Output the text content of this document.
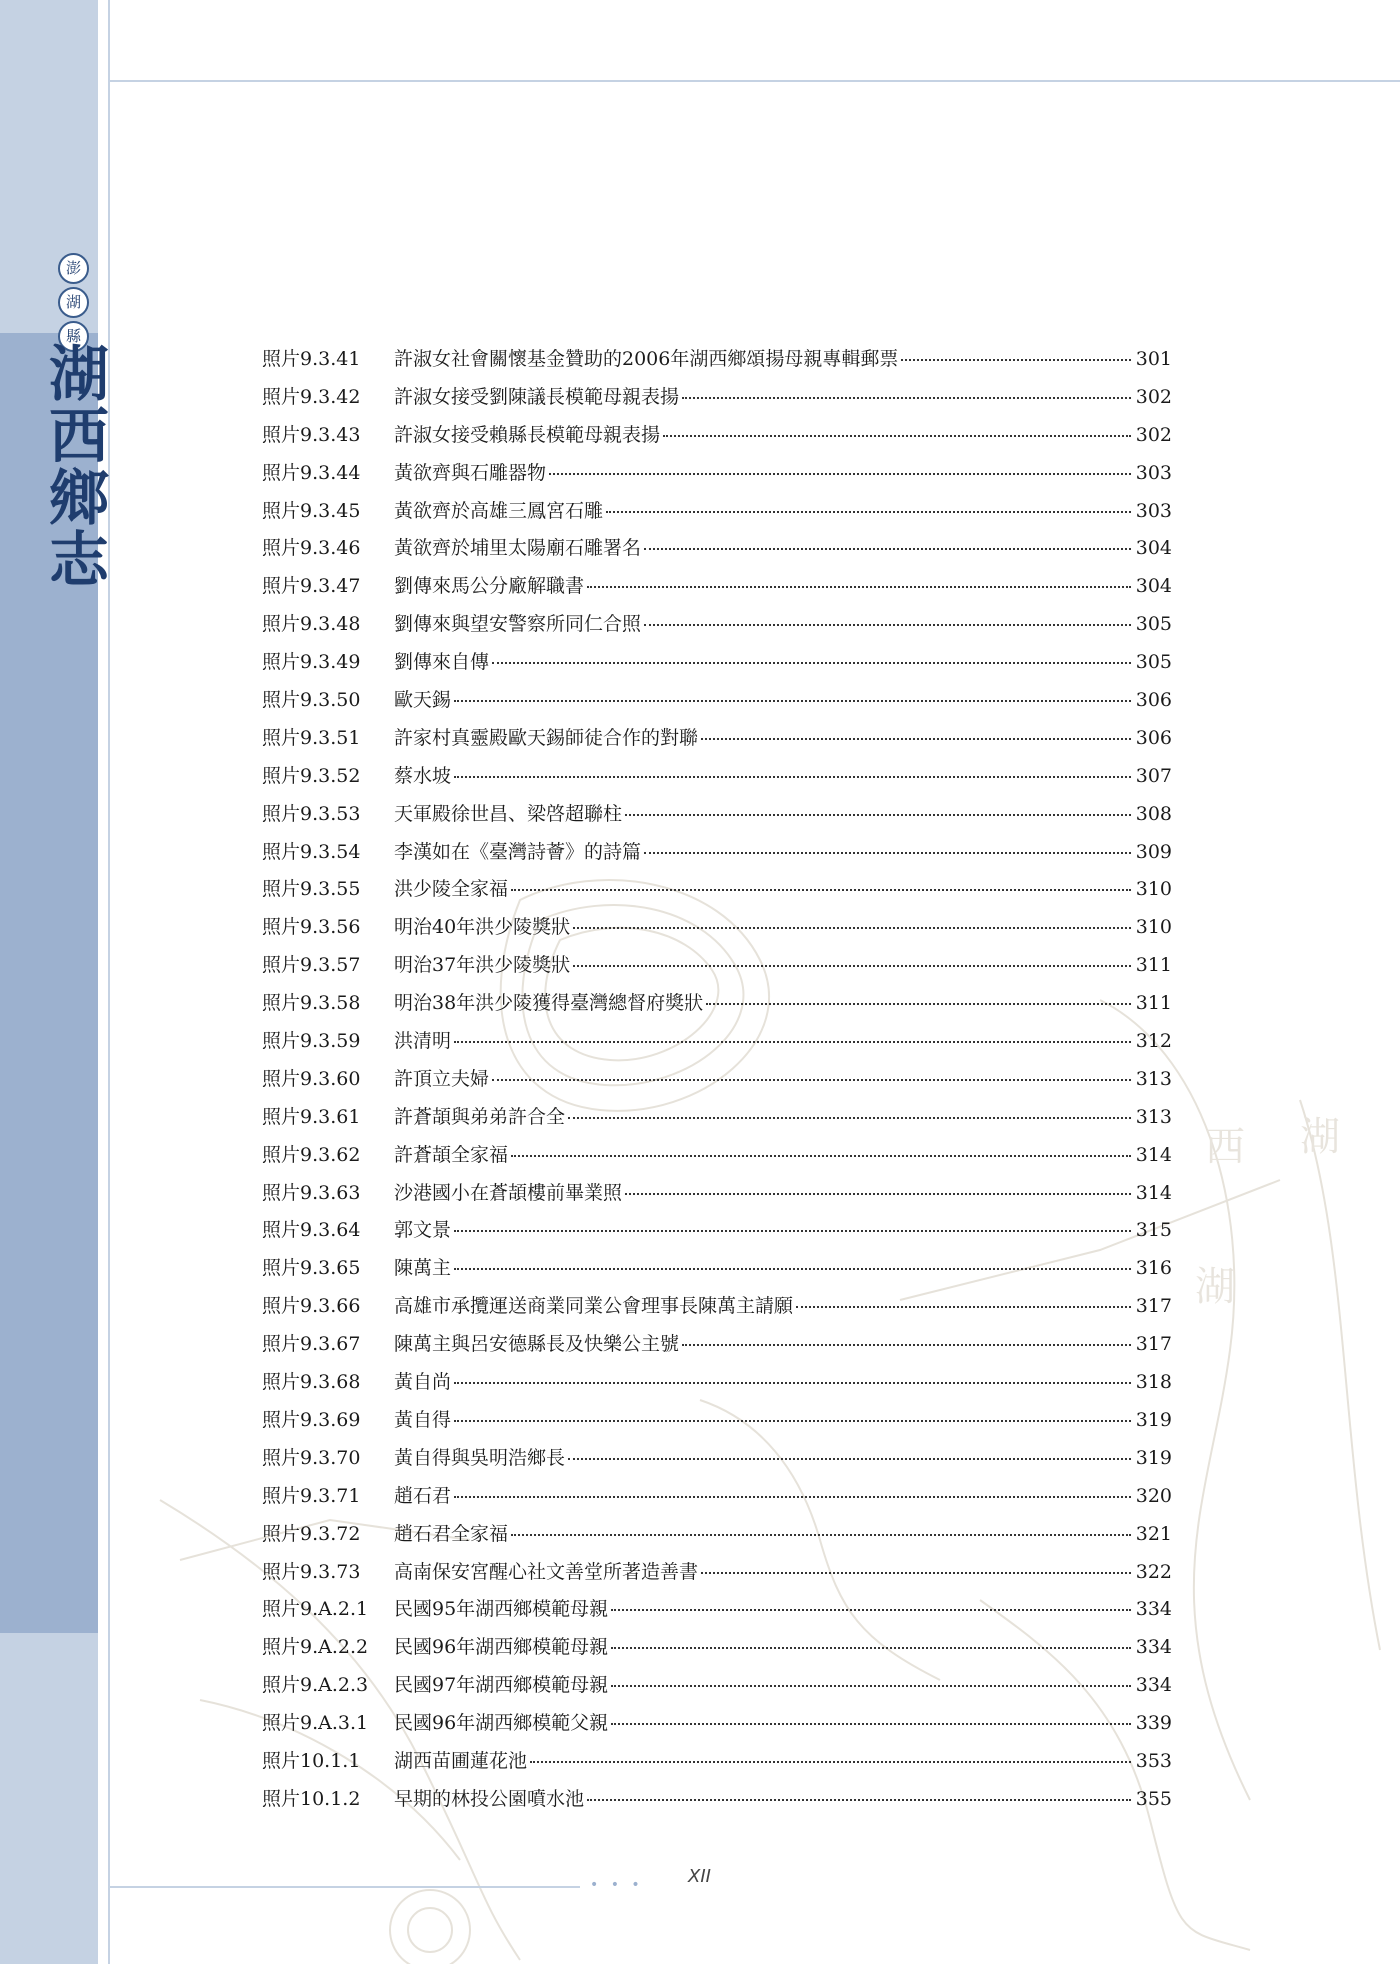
西 湖
湖
澎
湖
縣
湖西鄉志	照片9.3.41	許淑女社會關懷基金贊助的2006年湖西鄉頌揚母親專輯郵票	301
照片9.3.42	許淑女接受劉陳議長模範母親表揚	302
照片9.3.43	許淑女接受賴縣長模範母親表揚	302
照片9.3.44	黃欲齊與石雕器物	303
照片9.3.45	黃欲齊於高雄三鳳宮石雕	303
照片9.3.46	黃欲齊於埔里太陽廟石雕署名	304
照片9.3.47	劉傳來馬公分廠解職書	304
照片9.3.48	劉傳來與望安警察所同仁合照	305
照片9.3.49	劉傳來自傳	305
照片9.3.50	歐天錫	306
照片9.3.51	許家村真靈殿歐天錫師徒合作的對聯	306
照片9.3.52	蔡水坡	307
照片9.3.53	天軍殿徐世昌、梁啓超聯柱	308
照片9.3.54	李漢如在《臺灣詩薈》的詩篇	309
照片9.3.55	洪少陵全家福	310
照片9.3.56	明治40年洪少陵獎狀	310
照片9.3.57	明治37年洪少陵獎狀	311
照片9.3.58	明治38年洪少陵獲得臺灣總督府獎狀	311
照片9.3.59	洪清明	312
照片9.3.60	許頂立夫婦	313
照片9.3.61	許蒼頡與弟弟許合全	313
照片9.3.62	許蒼頡全家福	314
照片9.3.63	沙港國小在蒼頡樓前畢業照	314
照片9.3.64	郭文景	315
照片9.3.65	陳萬主	316
照片9.3.66	高雄市承攬運送商業同業公會理事長陳萬主請願	317
照片9.3.67	陳萬主與呂安德縣長及快樂公主號	317
照片9.3.68	黃自尚	318
照片9.3.69	黃自得	319
照片9.3.70	黃自得與吳明浩鄉長	319
照片9.3.71	趙石君	320
照片9.3.72	趙石君全家福	321
照片9.3.73	高南保安宮醒心社文善堂所著造善書	322
照片9.A.2.1	民國95年湖西鄉模範母親	334
照片9.A.2.2	民國96年湖西鄉模範母親	334
照片9.A.2.3	民國97年湖西鄉模範母親	334
照片9.A.3.1	民國96年湖西鄉模範父親	339
照片10.1.1	湖西苗圃蓮花池	353
照片10.1.2	早期的林投公園噴水池	355
• • • XII
